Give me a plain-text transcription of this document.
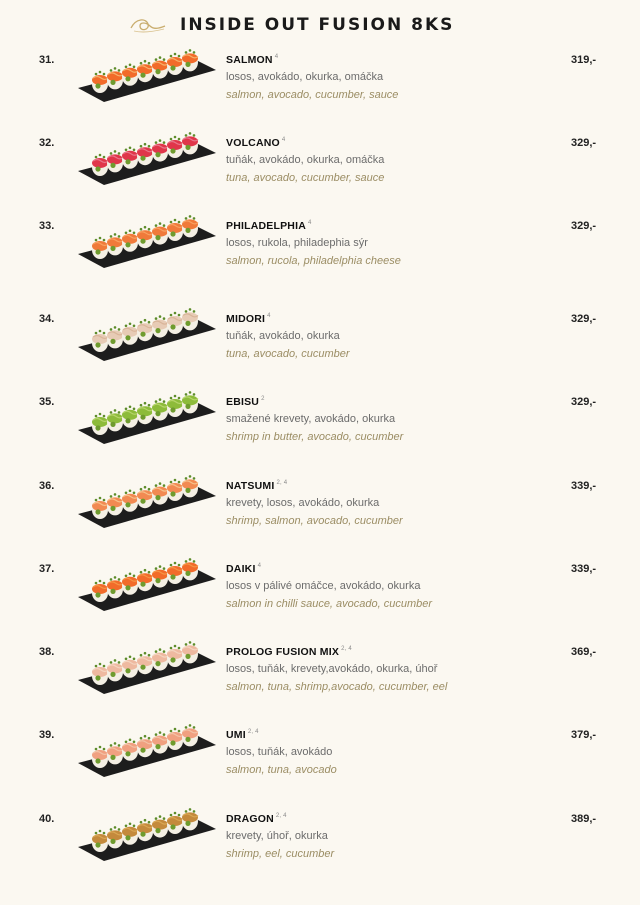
INSIDE OUT FUSION 8KS
31.	SALMON $^4$
losos, avokádo, okurka, omáčka
salmon, avocado, cucumber, sauce
319,-
32.	VOLCANO $^4$
tuňák, avokádo, okurka, omáčka
tuna, avocado, cucumber, sauce
329,-
33.	PHILADELPHIA $^4$
losos, rukola, philadephia sýr
salmon, rucola, philadelphia cheese
329,-
34.	MIDORI $^4$
tuňák, avokádo, okurka
tuna, avocado, cucumber
329,-
35.	EBISU $^2$
smažené krevety, avokádo, okurka
shrimp in butter, avocado, cucumber
329,-
36.	NATSUMI $^{2, 4}$
krevety, losos, avokádo, okurka
shrimp, salmon, avocado, cucumber
339,-
37.	DAIKI $^4$
losos v pálivé omáčce, avokádo, okurka
salmon in chilli sauce, avocado, cucumber
339,-
38.	PROLOG FUSION MIX $^{2, 4}$
losos, tuňák, krevety,avokádo, okurka, úhoř
salmon, tuna, shrimp,avocado, cucumber, eel
369,-
39.	UMI $^{2, 4}$
losos, tuňák, avokádo
salmon, tuna, avocado
379,-
40.	DRAGON $^{2, 4}$
krevety, úhoř, okurka
shrimp, eel, cucumber
389,-
